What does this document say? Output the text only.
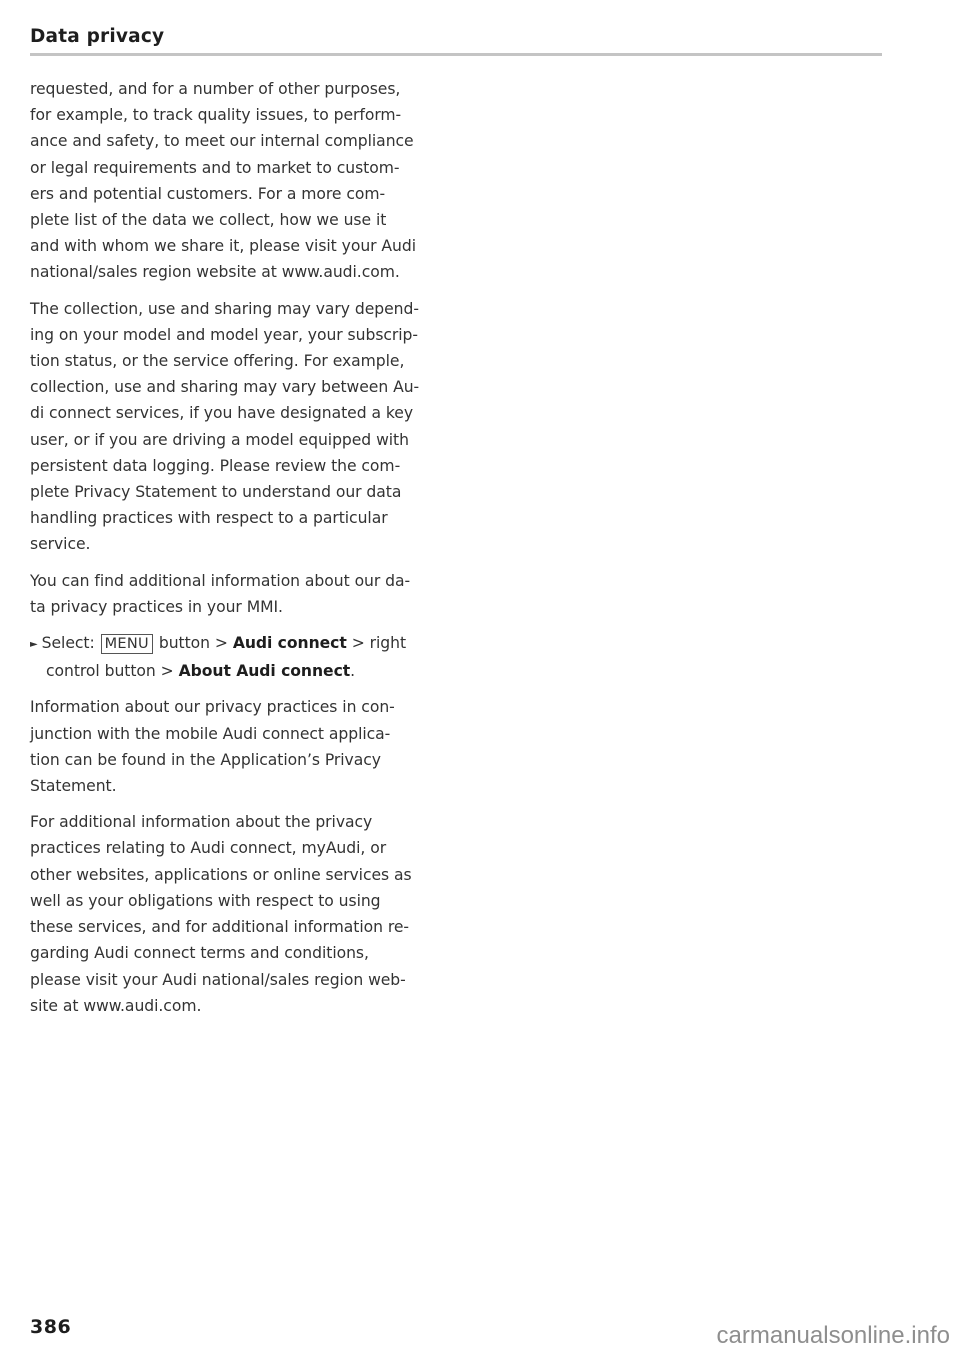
Data privacy

requested, and for a number of other purposes,
for example, to track quality issues, to perform-
ance and safety, to meet our internal compliance
or legal requirements and to market to custom-
ers and potential customers. For a more com-
plete list of the data we collect, how we use it
and with whom we share it, please visit your Audi
national/sales region website at www.audi.com.

The collection, use and sharing may vary depend-
ing on your model and model year, your subscrip-
tion status, or the service offering. For example,
collection, use and sharing may vary between Au-
di connect services, if you have designated a key
user, or if you are driving a model equipped with
persistent data logging. Please review the com-
plete Privacy Statement to understand our data
handling practices with respect to a particular
service.

You can find additional information about our da-
ta privacy practices in your MMI.

► Select: MENU button > Audi connect > right
control button > About Audi connect.

Information about our privacy practices in con-
junction with the mobile Audi connect applica-
tion can be found in the Application’s Privacy
Statement.

For additional information about the privacy
practices relating to Audi connect, myAudi, or
other websites, applications or online services as
well as your obligations with respect to using
these services, and for additional information re-
garding Audi connect terms and conditions,
please visit your Audi national/sales region web-
site at www.audi.com.

386	carmanualsonline.info
